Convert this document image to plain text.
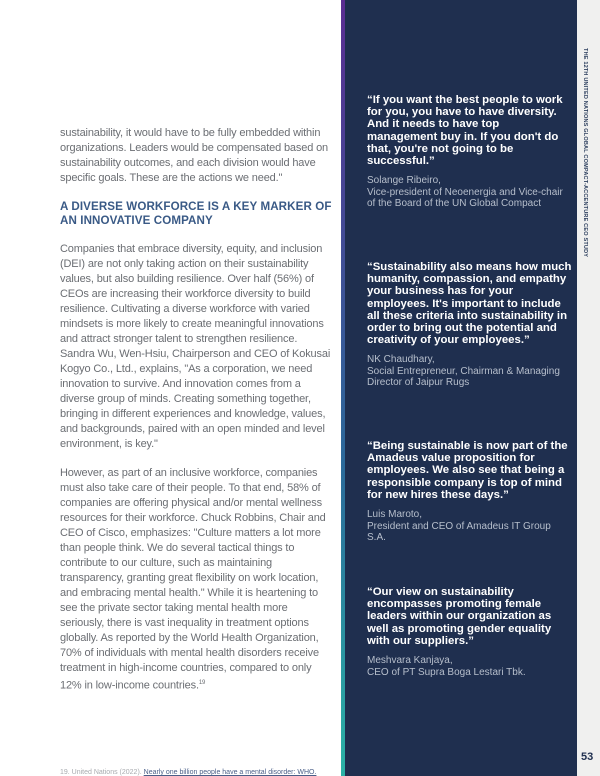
sustainability, it would have to be fully embedded within organizations. Leaders would be compensated based on sustainability outcomes, and each division would have specific goals. These are the actions we need."

A DIVERSE WORKFORCE IS A KEY MARKER OF AN INNOVATIVE COMPANY

Companies that embrace diversity, equity, and inclusion (DEI) are not only taking action on their sustainability values, but also building resilience. Over half (56%) of CEOs are increasing their workforce diversity to build resilience. Cultivating a diverse workforce with varied mindsets is more likely to create meaningful innovations and attract stronger talent to strengthen resilience. Sandra Wu, Wen-Hsiu, Chairperson and CEO of Kokusai Kogyo Co., Ltd., explains, "As a corporation, we need innovation to survive. And innovation comes from a diverse group of minds. Creating something together, bringing in different experiences and knowledge, values, and backgrounds, paired with an open minded and level environment, is key."

However, as part of an inclusive workforce, companies must also take care of their people. To that end, 58% of companies are offering physical and/or mental wellness resources for their workforce. Chuck Robbins, Chair and CEO of Cisco, emphasizes: "Culture matters a lot more than people think. We do several tactical things to contribute to our culture, such as maintaining transparency, granting great flexibility on work location, and embracing mental health." While it is heartening to see the private sector taking mental health more seriously, there is vast inequality in treatment options globally. As reported by the World Health Organization, 70% of individuals with mental health disorders receive treatment in high-income countries, compared to only 12% in low-income countries.$^{19}$

19. United Nations (2022). Nearly one billion people have a mental disorder: WHO.

“If you want the best people to work for you, you have to have diversity. And it needs to have top management buy in. If you don't do that, you're not going to be successful.”

Solange Ribeiro,

Vice-president of Neoenergia and Vice-chair of the Board of the UN Global Compact

“Sustainability also means how much humanity, compassion, and empathy your business has for your employees. It's important to include all these criteria into sustainability in order to bring out the potential and creativity of your employees.”

NK Chaudhary,

Social Entrepreneur, Chairman & Managing Director of Jaipur Rugs

“Being sustainable is now part of the Amadeus value proposition for employees. We also see that being a responsible company is top of mind for new hires these days.”

Luis Maroto,

President and CEO of Amadeus IT Group S.A.

“Our view on sustainability encompasses promoting female leaders within our organization as well as promoting gender equality with our suppliers.”

Meshvara Kanjaya,

CEO of PT Supra Boga Lestari Tbk.

THE 12TH UNITED NATIONS GLOBAL COMPACT-ACCENTURE CEO STUDY
53
